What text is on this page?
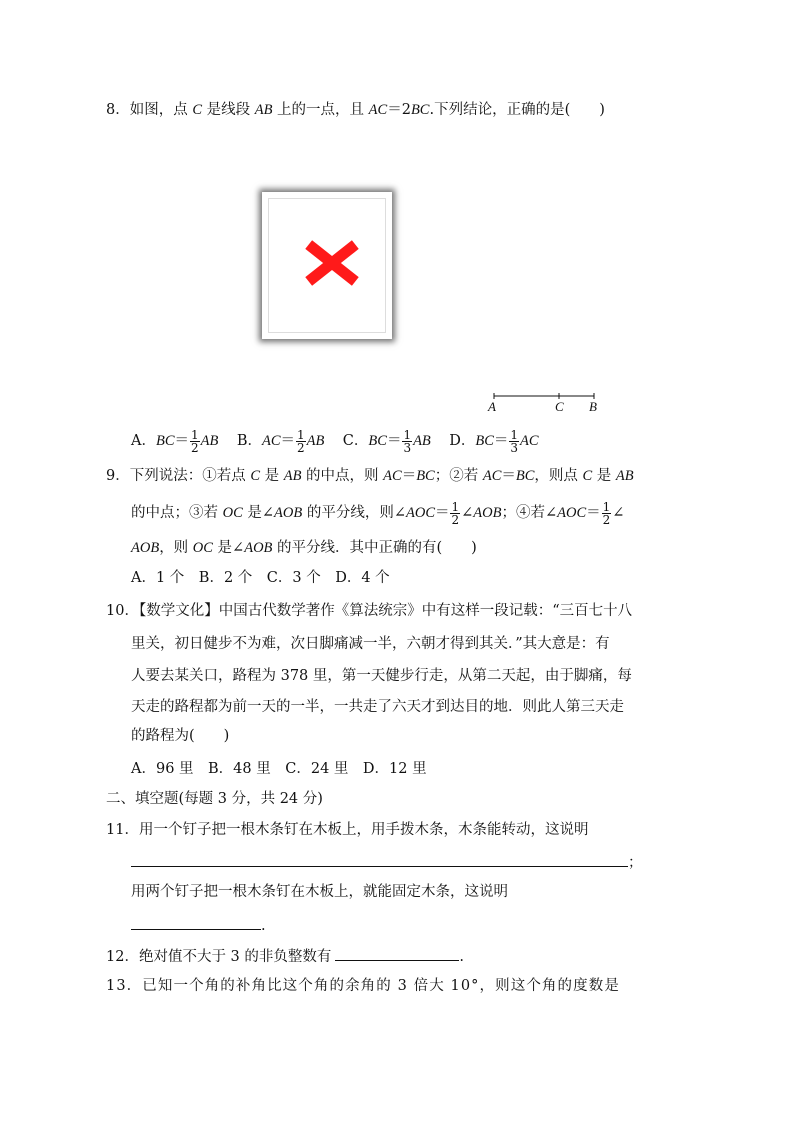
8．如图，点 C 是线段 AB 上的一点，且 AC＝2BC.下列结论，正确的是(　　)
A	C B
A．$BC= \frac{1}{2}$ AB B．$AC= \frac{1}{2}$ AB C．$BC= \frac{1}{3}$ AB D．$BC= \frac{1}{3}$ AC
9．下列说法：①若点 C 是 AB 的中点，则 AC＝BC；②若 AC＝BC，则点 C 是 AB
的中点；③若 OC 是∠AOB 的平分线，则∠AOC＝ $\frac{1}{2}$ ∠AOB；④若∠AOC＝ $\frac{1}{2}$ ∠
AOB，则 OC 是∠AOB 的平分线．其中正确的有(　　)
A．1 个　B．2 个　C．3 个　D．4 个
10．【数学文化】中国古代数学著作《算法统宗》中有这样一段记载：“三百七十八
里关，初日健步不为难，次日脚痛减一半，六朝才得到其关．”其大意是：有
人要去某关口，路程为 378 里，第一天健步行走，从第二天起，由于脚痛，每
天走的路程都为前一天的一半，一共走了六天才到达目的地．则此人第三天走
的路程为(　　)
A．96 里　B．48 里　C．24 里　D．12 里
二、填空题(每题 3 分，共 24 分)
11．用一个钉子把一根木条钉在木板上，用手拨木条，木条能转动，这说明
；
用两个钉子把一根木条钉在木板上，就能固定木条，这说明
.
12．绝对值不大于 3 的非负整数有	.
13．已知一个角的补角比这个角的余角的 3 倍大 10°，则这个角的度数是
